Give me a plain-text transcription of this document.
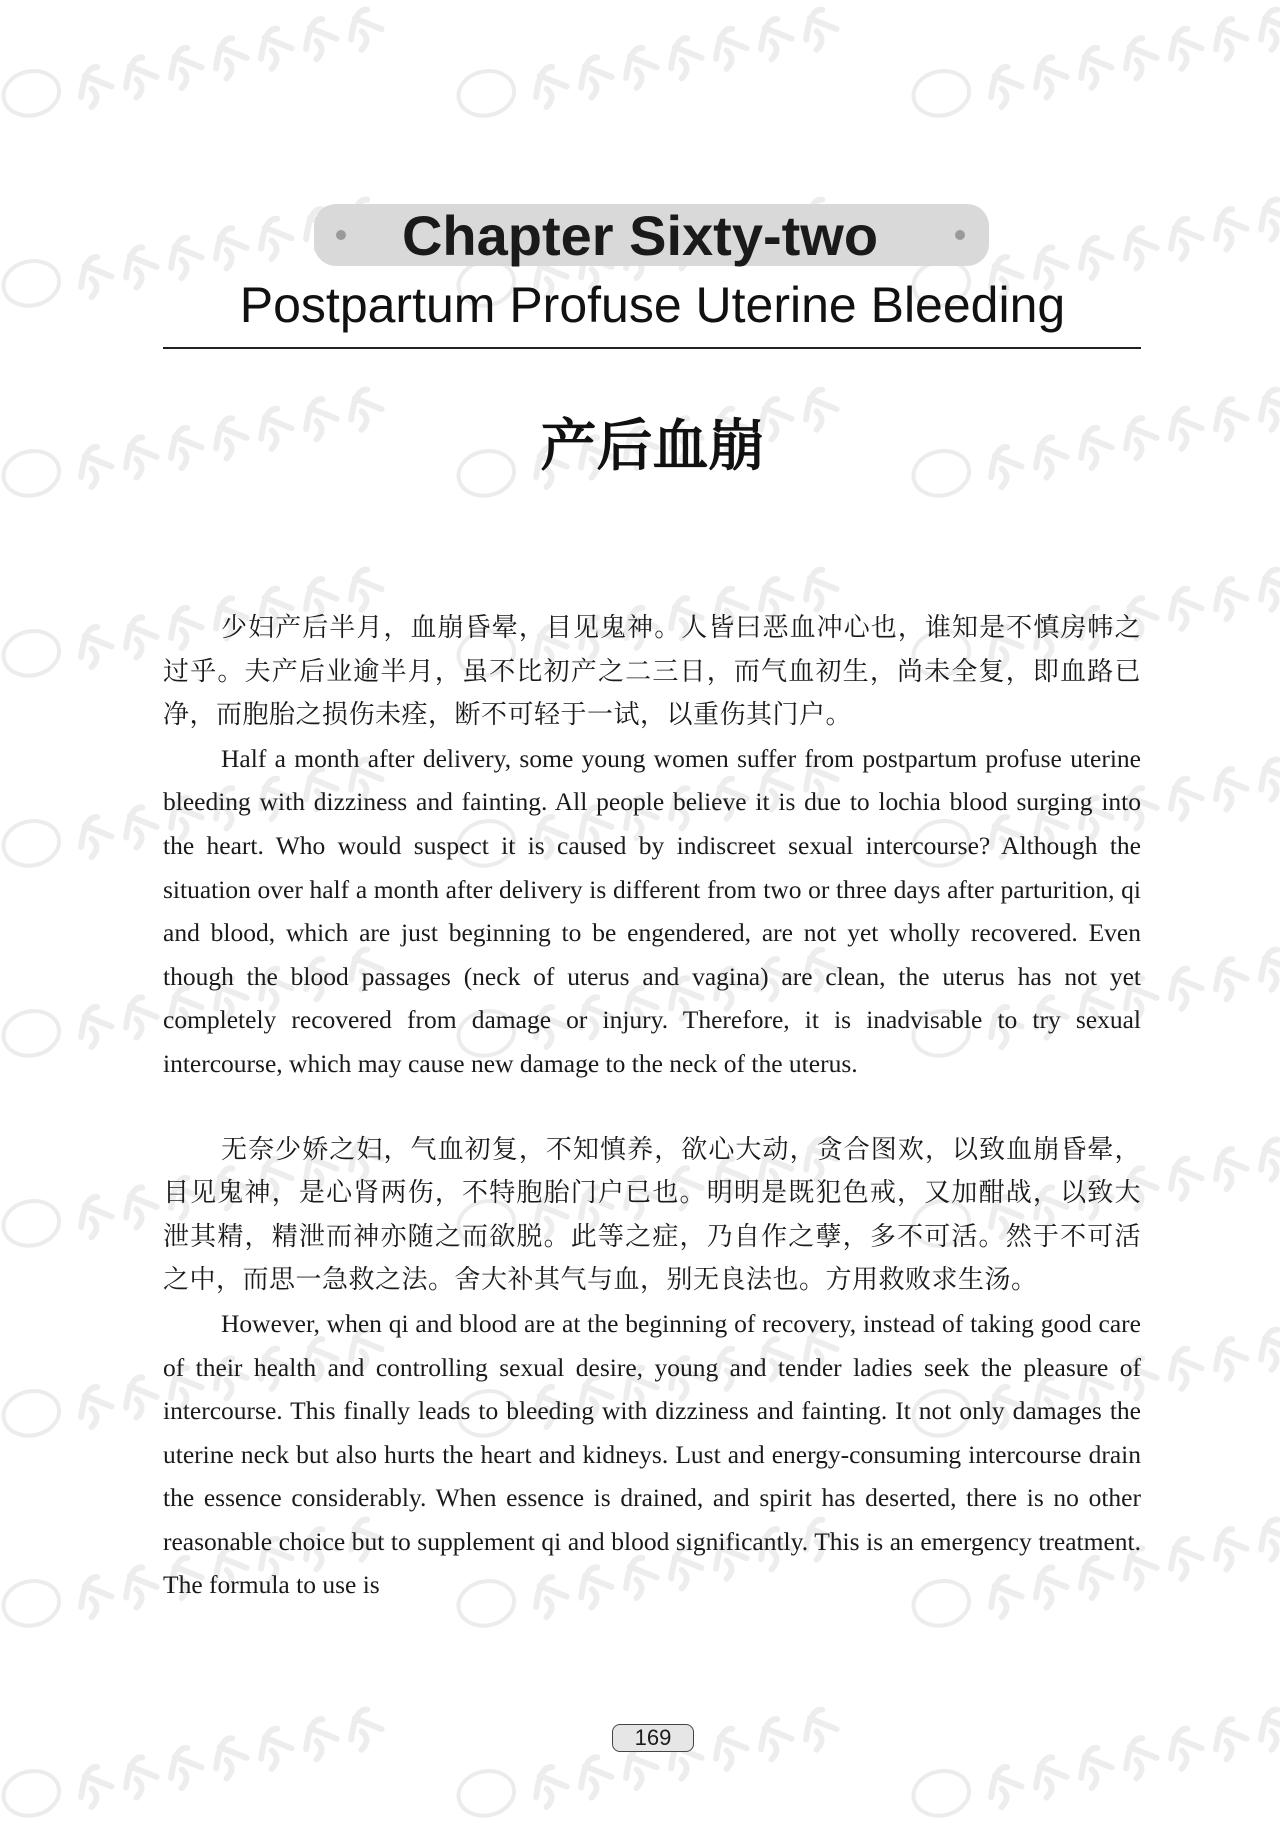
Chapter Sixty-two
Postpartum Profuse Uterine Bleeding
产后血崩

少妇产后半月，血崩昏晕，目见鬼神。人皆曰恶血冲心也，谁知是不慎房帏之过乎。夫产后业逾半月，虽不比初产之二三日，而气血初生，尚未全复，即血路已净，而胞胎之损伤未痊，断不可轻于一试，以重伤其门户。

Half a month after delivery, some young women suffer from postpartum profuse uterine bleeding with dizziness and fainting. All people believe it is due to lochia blood surging into the heart. Who would suspect it is caused by indiscreet sexual intercourse? Although the situation over half a month after delivery is different from two or three days after parturition, qi and blood, which are just beginning to be engendered, are not yet wholly recovered. Even though the blood passages (neck of uterus and vagina) are clean, the uterus has not yet completely recovered from damage or injury. Therefore, it is inadvisable to try sexual intercourse, which may cause new damage to the neck of the uterus.

无奈少娇之妇，气血初复，不知慎养，欲心大动，贪合图欢，以致血崩昏晕，目见鬼神，是心肾两伤，不特胞胎门户已也。明明是既犯色戒，又加酣战，以致大泄其精，精泄而神亦随之而欲脱。此等之症，乃自作之孽，多不可活。然于不可活之中，而思一急救之法。舍大补其气与血，别无良法也。方用救败求生汤。

However, when qi and blood are at the beginning of recovery, instead of taking good care of their health and controlling sexual desire, young and tender ladies seek the pleasure of intercourse. This finally leads to bleeding with dizziness and fainting. It not only damages the uterine neck but also hurts the heart and kidneys. Lust and energy-consuming intercourse drain the essence considerably. When essence is drained, and spirit has deserted, there is no other reasonable choice but to supplement qi and blood significantly. This is an emergency treatment. The formula to use is

169
